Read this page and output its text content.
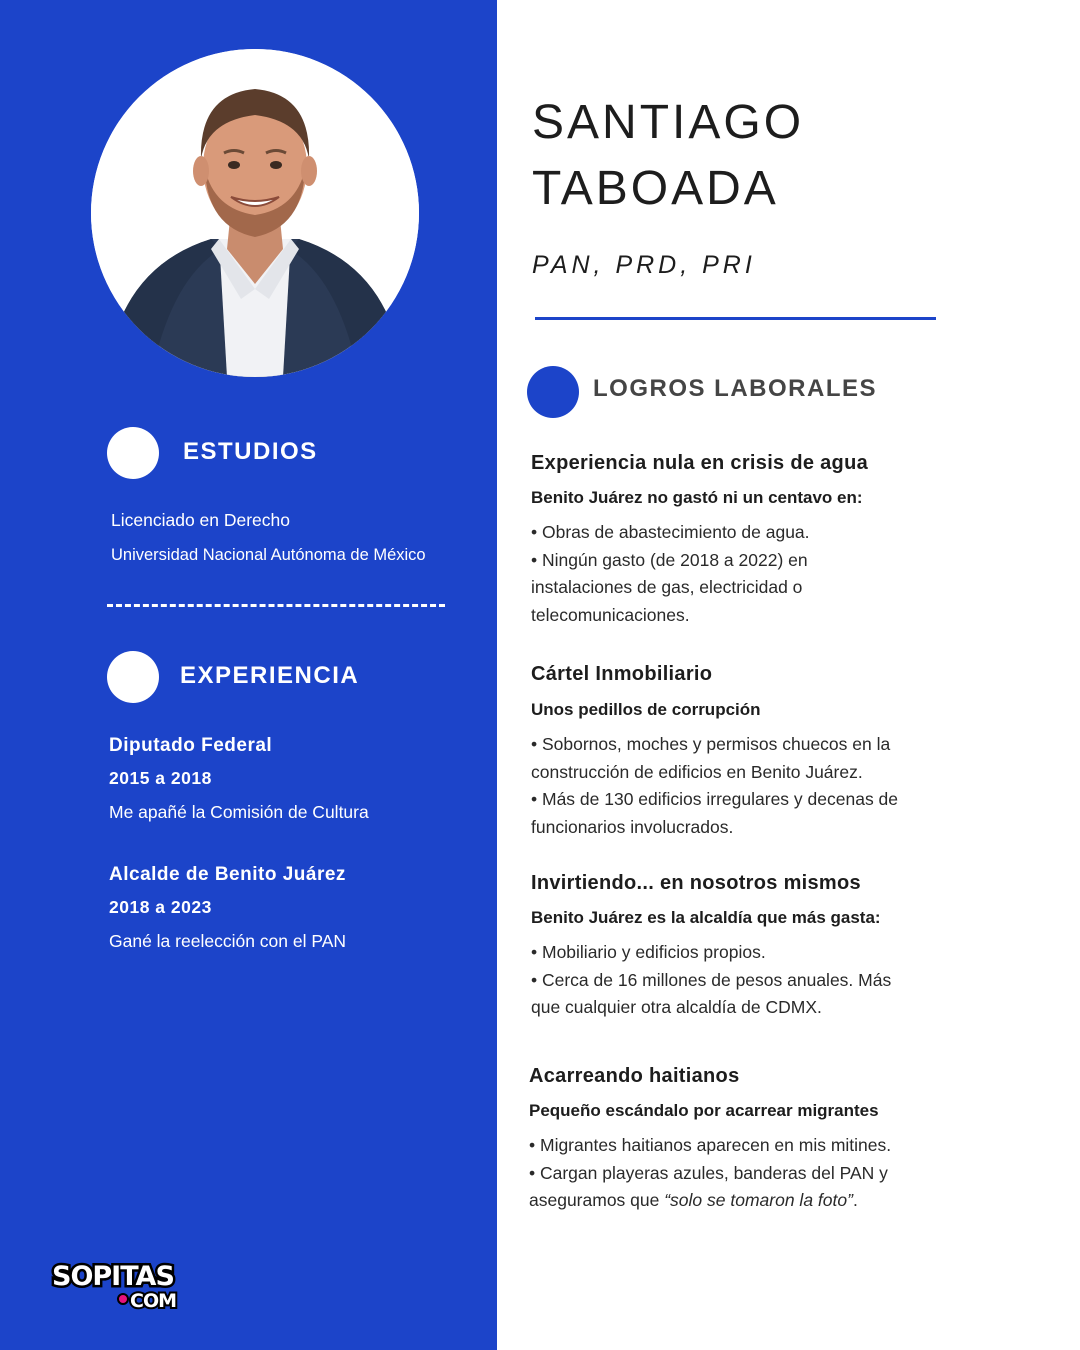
ESTUDIOS
Licenciado en Derecho
Universidad Nacional Autónoma de México
EXPERIENCIA
Diputado Federal
2015 a 2018
Me apañé la Comisión de Cultura
Alcalde de Benito Juárez
2018 a 2023
Gané la reelección con el PAN
SOPITAS
COM
SANTIAGO
TABOADA
PAN, PRD, PRI
LOGROS LABORALES
Experiencia nula en crisis de agua
Benito Juárez no gastó ni un centavo en:
• Obras de abastecimiento de agua.
• Ningún gasto (de 2018 a 2022) en
instalaciones de gas, electricidad o
telecomunicaciones.
Cártel Inmobiliario
Unos pedillos de corrupción
• Sobornos, moches y permisos chuecos en la
construcción de edificios en Benito Juárez.
• Más de 130 edificios irregulares y decenas de
funcionarios involucrados.
Invirtiendo... en nosotros mismos
Benito Juárez es la alcaldía que más gasta:
• Mobiliario y edificios propios.
• Cerca de 16 millones de pesos anuales. Más
que cualquier otra alcaldía de CDMX.
Acarreando haitianos
Pequeño escándalo por acarrear migrantes
• Migrantes haitianos aparecen en mis mitines.
• Cargan playeras azules, banderas del PAN y
aseguramos que “solo se tomaron la foto”.
